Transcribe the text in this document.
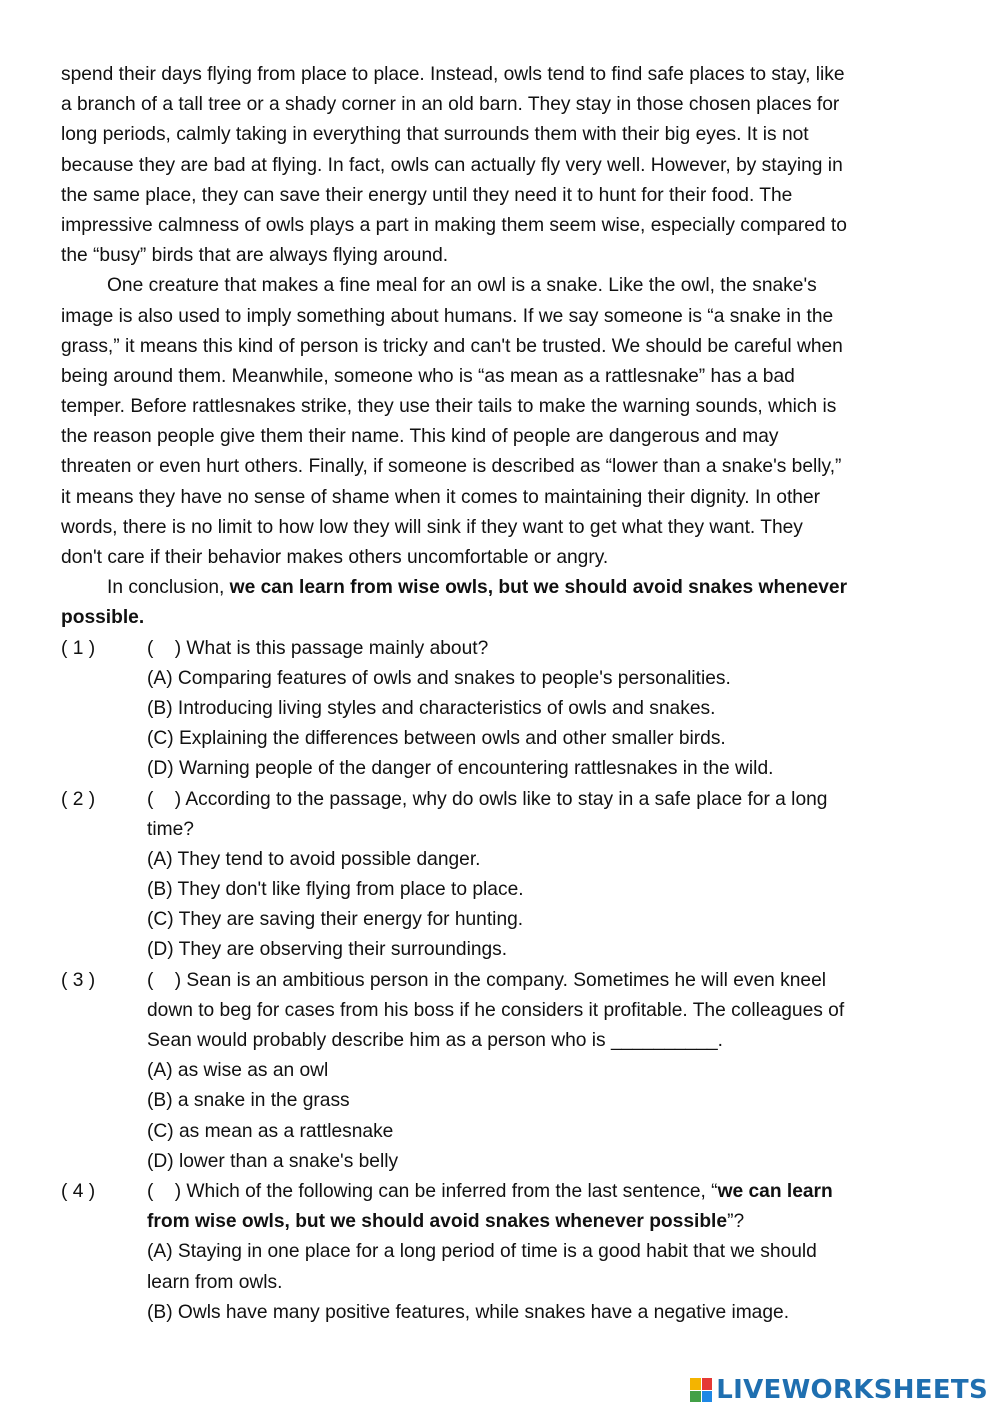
spend their days flying from place to place. Instead, owls tend to find safe places to stay, like
a branch of a tall tree or a shady corner in an old barn. They stay in those chosen places for
long periods, calmly taking in everything that surrounds them with their big eyes. It is not
because they are bad at flying. In fact, owls can actually fly very well. However, by staying in
the same place, they can save their energy until they need it to hunt for their food. The
impressive calmness of owls plays a part in making them seem wise, especially compared to
the “busy” birds that are always flying around.
One creature that makes a fine meal for an owl is a snake. Like the owl, the snake's
image is also used to imply something about humans. If we say someone is “a snake in the
grass,” it means this kind of person is tricky and can't be trusted. We should be careful when
being around them. Meanwhile, someone who is “as mean as a rattlesnake” has a bad
temper. Before rattlesnakes strike, they use their tails to make the warning sounds, which is
the reason people give them their name. This kind of people are dangerous and may
threaten or even hurt others. Finally, if someone is described as “lower than a snake's belly,”
it means they have no sense of shame when it comes to maintaining their dignity. In other
words, there is no limit to how low they will sink if they want to get what they want. They
don't care if their behavior makes others uncomfortable or angry.
In conclusion, we can learn from wise owls, but we should avoid snakes whenever
possible.
( 1 )	(    ) What is this passage mainly about?
(A) Comparing features of owls and snakes to people's personalities.
(B) Introducing living styles and characteristics of owls and snakes.
(C) Explaining the differences between owls and other smaller birds.
(D) Warning people of the danger of encountering rattlesnakes in the wild.
( 2 )	(    ) According to the passage, why do owls like to stay in a safe place for a long
time?
(A) They tend to avoid possible danger.
(B) They don't like flying from place to place.
(C) They are saving their energy for hunting.
(D) They are observing their surroundings.
( 3 )	(    ) Sean is an ambitious person in the company. Sometimes he will even kneel
down to beg for cases from his boss if he considers it profitable. The colleagues of
Sean would probably describe him as a person who is __________.
(A) as wise as an owl
(B) a snake in the grass
(C) as mean as a rattlesnake
(D) lower than a snake's belly
( 4 )	(    ) Which of the following can be inferred from the last sentence, “we can learn
from wise owls, but we should avoid snakes whenever possible”?
(A) Staying in one place for a long period of time is a good habit that we should
learn from owls.
(B) Owls have many positive features, while snakes have a negative image.
LIVEWORKSHEETS
